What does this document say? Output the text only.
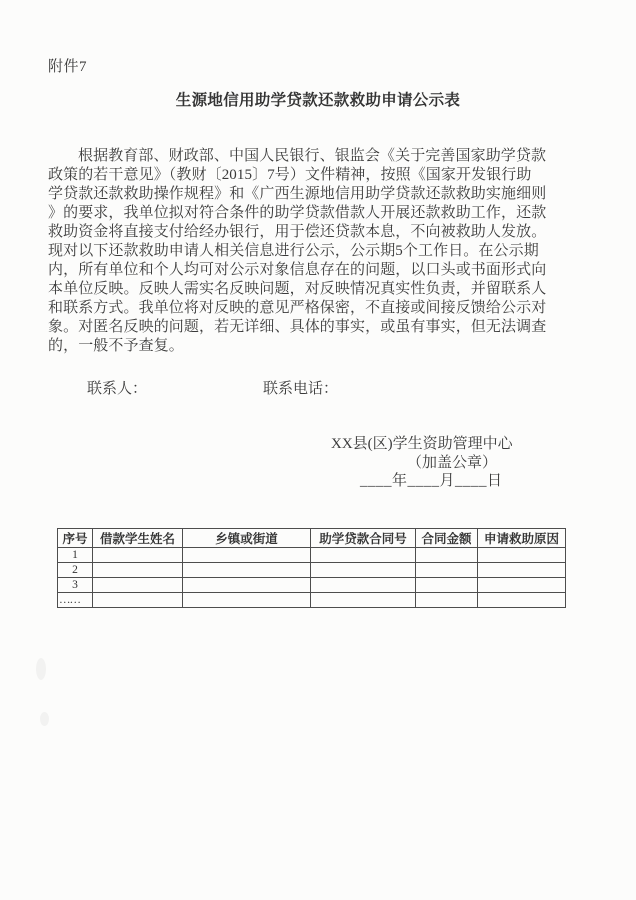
附件7
生源地信用助学贷款还款救助申请公示表
根据教育部、财政部、中国人民银行、银监会《关于完善国家助学贷款
政策的若干意见》（教财〔2015〕7号）文件精神，按照《国家开发银行助
学贷款还款救助操作规程》和《广西生源地信用助学贷款还款救助实施细则
》的要求，我单位拟对符合条件的助学贷款借款人开展还款救助工作，还款
救助资金将直接支付给经办银行，用于偿还贷款本息，不向被救助人发放。
现对以下还款救助申请人相关信息进行公示，公示期5个工作日。在公示期
内，所有单位和个人均可对公示对象信息存在的问题，以口头或书面形式向
本单位反映。反映人需实名反映问题，对反映情况真实性负责，并留联系人
和联系方式。我单位将对反映的意见严格保密，不直接或间接反馈给公示对
象。对匿名反映的问题，若无详细、具体的事实，或虽有事实，但无法调查
的，一般不予查复。
联系人：	联系电话：
XX县(区)学生资助管理中心
（加盖公章）
____年____月____日
序号	借款学生姓名	乡镇或街道	助学贷款合同号	合同金额	申请救助原因
1					
2					
3					
……					
